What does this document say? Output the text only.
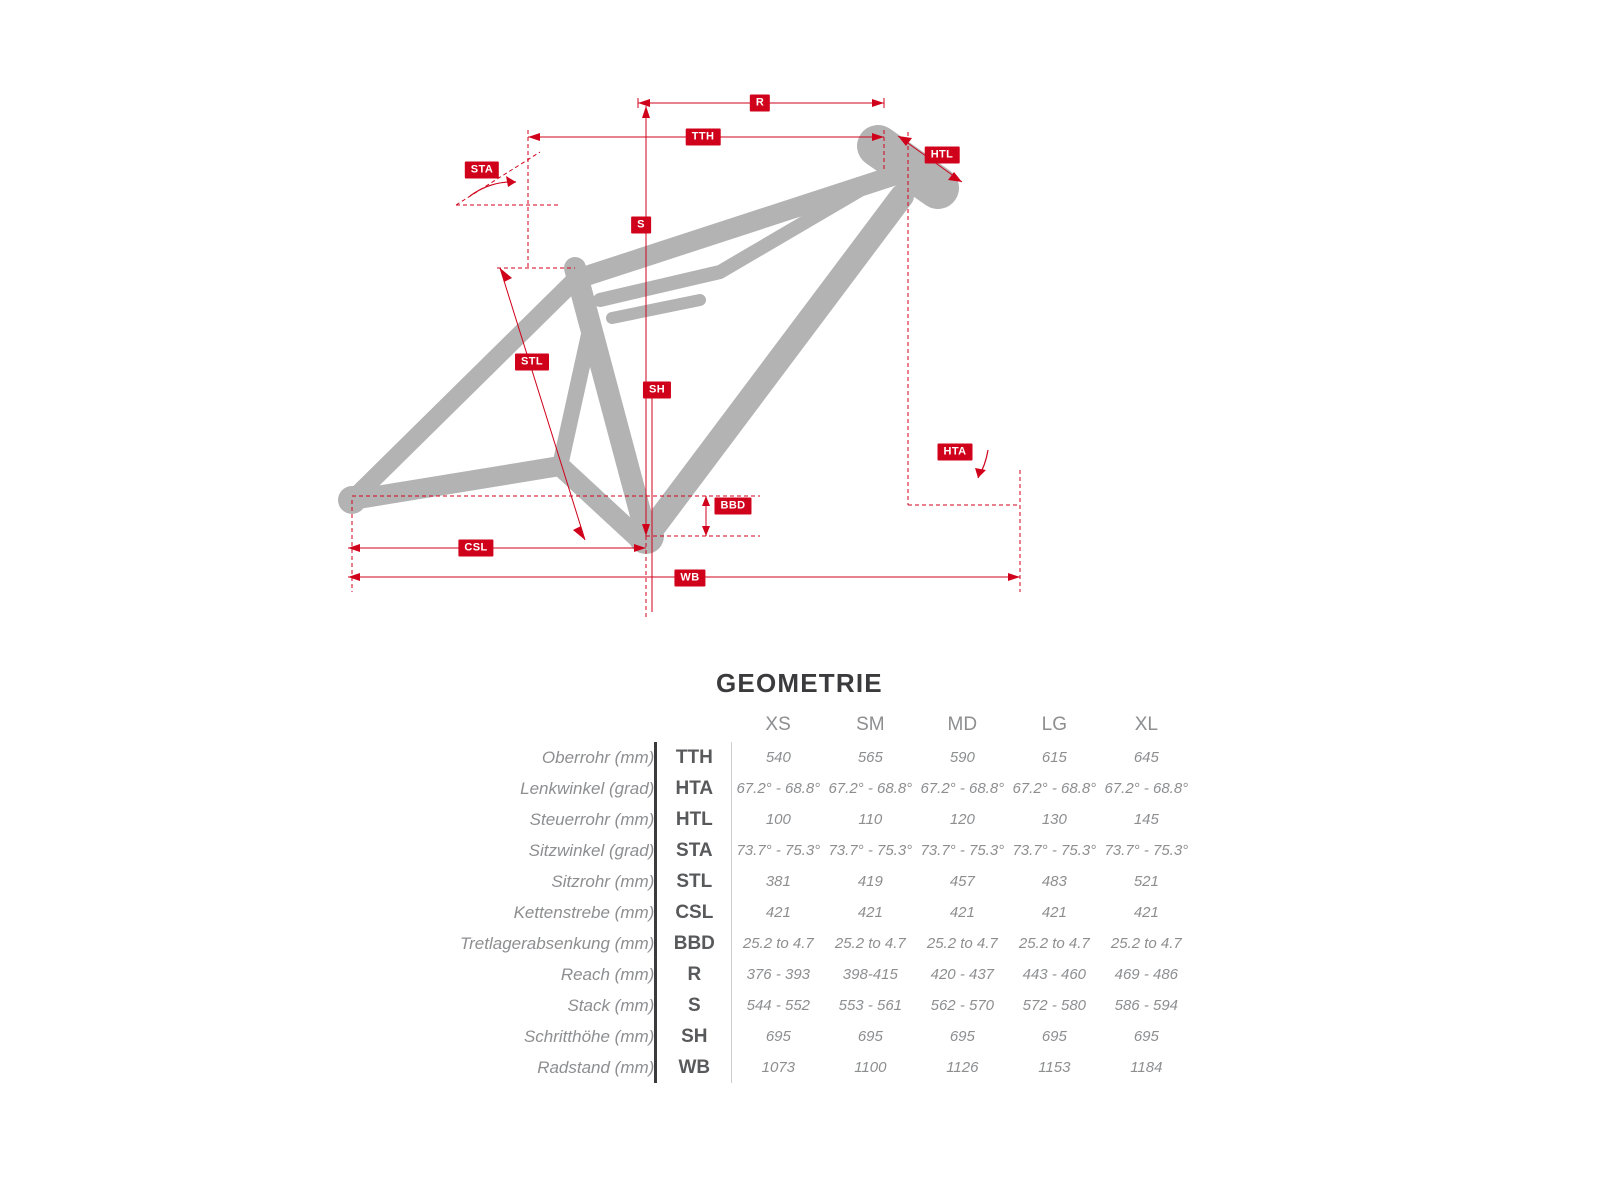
R
TTH
HTL
STA
S
STL
SH
HTA
BBD
CSL
WB
GEOMETRIE
		XS	SM	MD	LG	XL
Oberrohr (mm)	TTH	540	565	590	615	645
Lenkwinkel (grad)	HTA	67.2° - 68.8°	67.2° - 68.8°	67.2° - 68.8°	67.2° - 68.8°	67.2° - 68.8°
Steuerrohr (mm)	HTL	100	110	120	130	145
Sitzwinkel (grad)	STA	73.7° - 75.3°	73.7° - 75.3°	73.7° - 75.3°	73.7° - 75.3°	73.7° - 75.3°
Sitzrohr (mm)	STL	381	419	457	483	521
Kettenstrebe (mm)	CSL	421	421	421	421	421
Tretlagerabsenkung (mm)	BBD	25.2 to 4.7	25.2 to 4.7	25.2 to 4.7	25.2 to 4.7	25.2 to 4.7
Reach (mm)	R	376 - 393	398-415	420 - 437	443 - 460	469 - 486
Stack (mm)	S	544 - 552	553 - 561	562 - 570	572 - 580	586 - 594
Schritthöhe (mm)	SH	695	695	695	695	695
Radstand (mm)	WB	1073	1100	1126	1153	1184
